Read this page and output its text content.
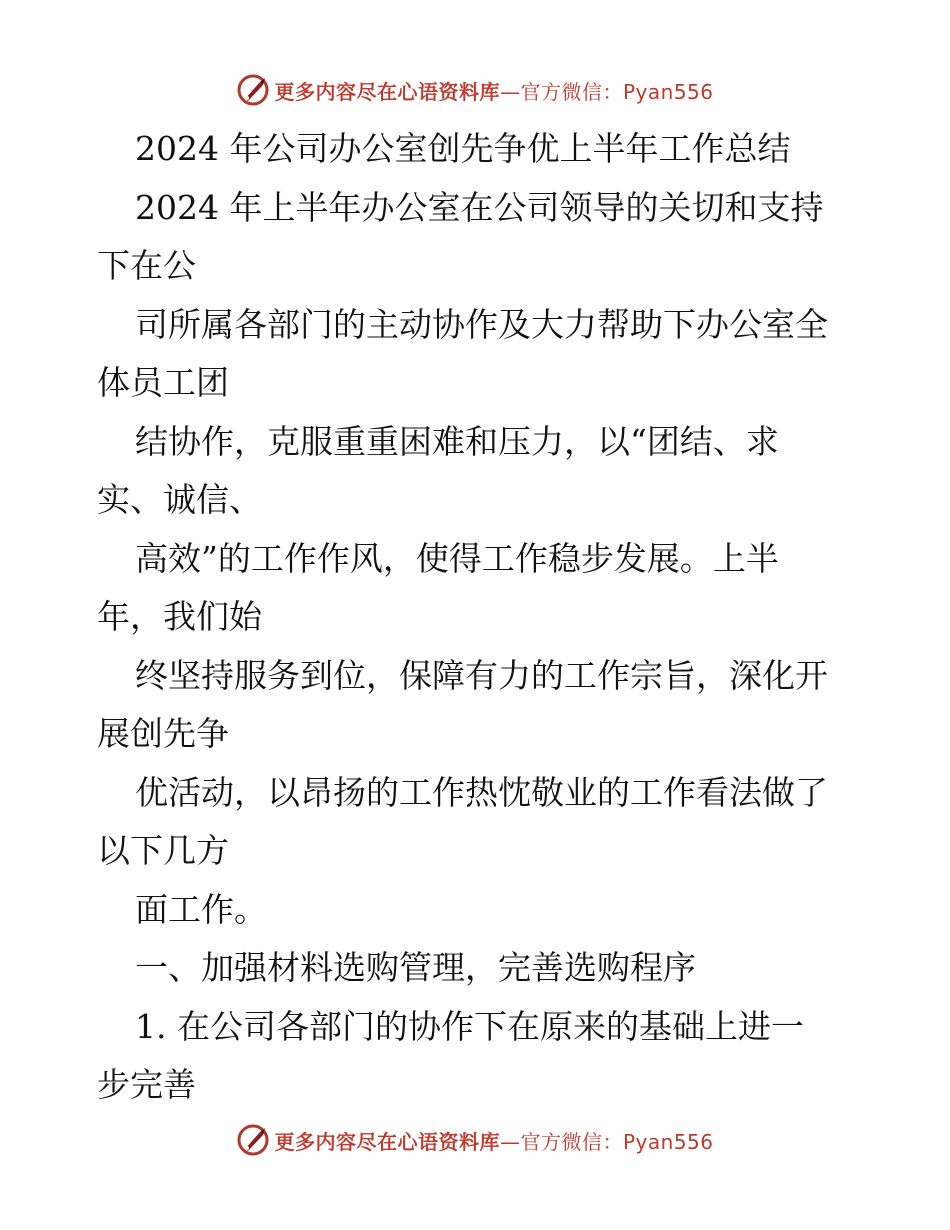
更多内容尽在心语资料库—官方微信：Pyan556

2024 年公司办公室创先争优上半年工作总结

2024 年上半年办公室在公司领导的关切和支持

下在公

司所属各部门的主动协作及大力帮助下办公室全

体员工团

结协作，克服重重困难和压力，以“团结、求

实、诚信、

高效”的工作作风，使得工作稳步发展。上半

年，我们始

终坚持服务到位，保障有力的工作宗旨，深化开

展创先争

优活动，以昂扬的工作热忱敬业的工作看法做了

以下几方

面工作。

一、加强材料选购管理，完善选购程序

1. 在公司各部门的协作下在原来的基础上进一

步完善

更多内容尽在心语资料库—官方微信：Pyan556
